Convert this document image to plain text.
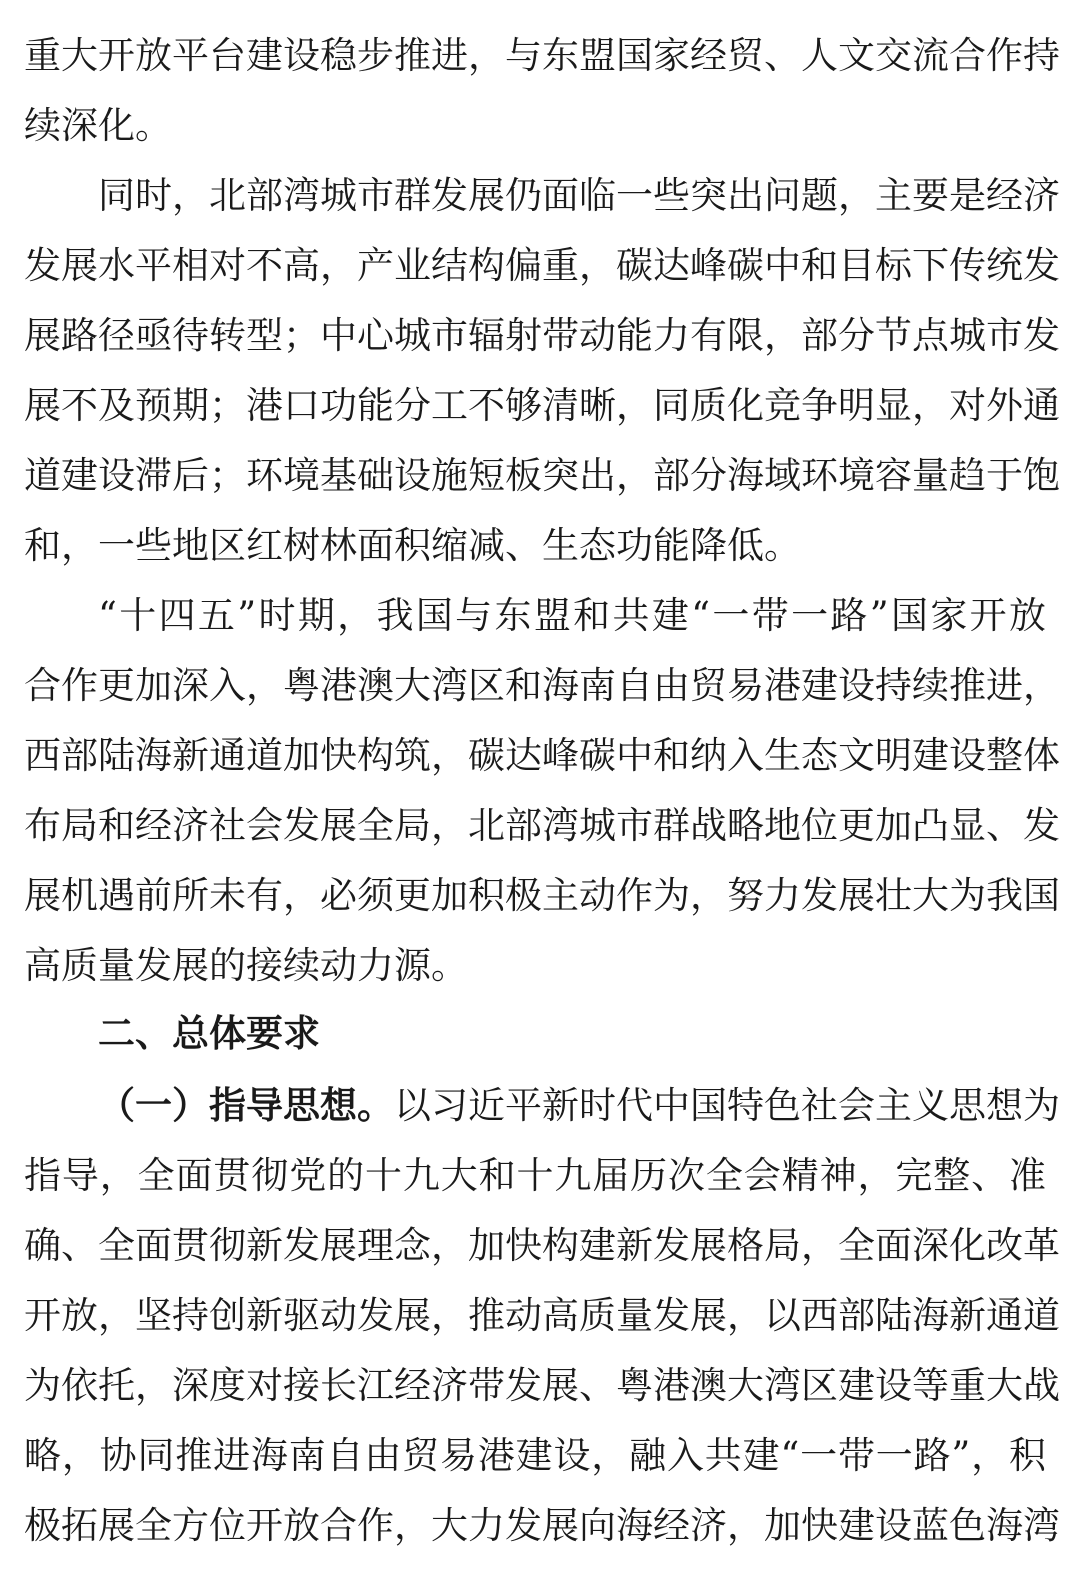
重大开放平台建设稳步推进，与东盟国家经贸、人文交流合作持
续深化。
同时，北部湾城市群发展仍面临一些突出问题，主要是经济
发展水平相对不高，产业结构偏重，碳达峰碳中和目标下传统发
展路径亟待转型；中心城市辐射带动能力有限，部分节点城市发
展不及预期；港口功能分工不够清晰，同质化竞争明显，对外通
道建设滞后；环境基础设施短板突出，部分海域环境容量趋于饱
和，一些地区红树林面积缩减、生态功能降低。
“十四五”时期，我国与东盟和共建“一带一路”国家开放
合作更加深入，粤港澳大湾区和海南自由贸易港建设持续推进，
西部陆海新通道加快构筑，碳达峰碳中和纳入生态文明建设整体
布局和经济社会发展全局，北部湾城市群战略地位更加凸显、发
展机遇前所未有，必须更加积极主动作为，努力发展壮大为我国
高质量发展的接续动力源。
二、总体要求
（一）指导思想。以习近平新时代中国特色社会主义思想为
指导，全面贯彻党的十九大和十九届历次全会精神，完整、准
确、全面贯彻新发展理念，加快构建新发展格局，全面深化改革
开放，坚持创新驱动发展，推动高质量发展，以西部陆海新通道
为依托，深度对接长江经济带发展、粤港澳大湾区建设等重大战
略，协同推进海南自由贸易港建设，融入共建“一带一路”，积
极拓展全方位开放合作，大力发展向海经济，加快建设蓝色海湾
